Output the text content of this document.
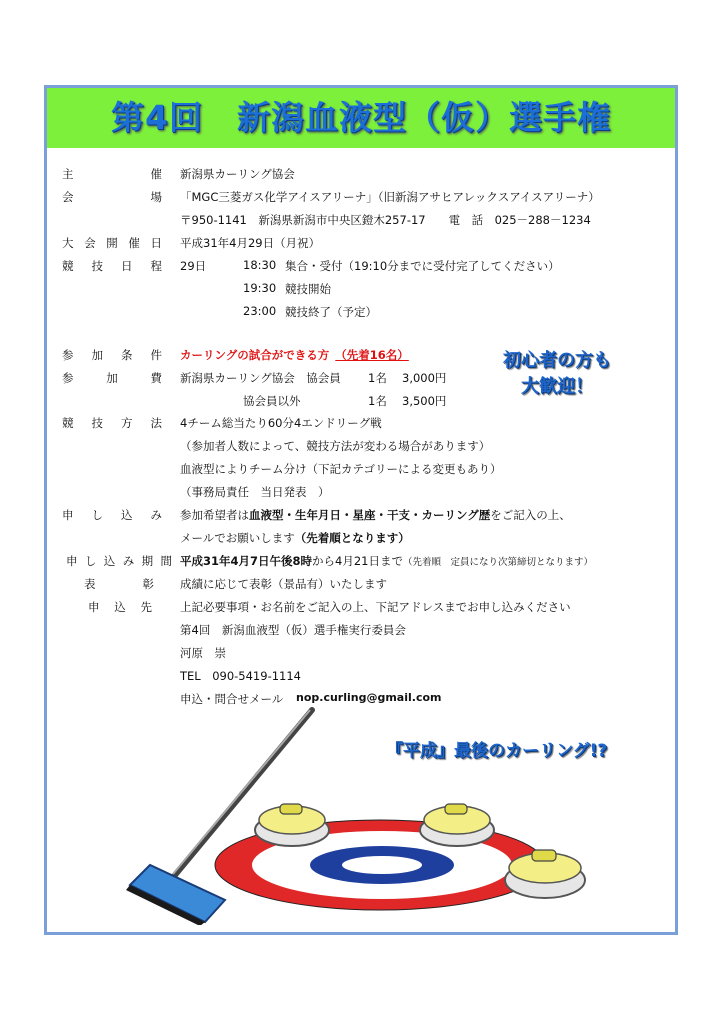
第4回　新潟血液型（仮）選手権
主催 新潟県カーリング協会
会場 「MGC三菱ガス化学アイスアリーナ」（旧新潟アサヒアレックスアイスアリーナ）
〒950-1141　新潟県新潟市中央区鐙木257-17　　電　話　025－288－1234
大会開催日 平成31年4月29日（月祝）
競技日程 29日	18:30 集合・受付（19:10分までに受付完了してください）
19:30 競技開始
23:00 競技終了（予定）
参加条件 カーリングの試合ができる方 （先着16名）
参加費 新潟県カーリング協会　協会員 1名 3,000円
協会員以外	1名 3,500円
初心者の方も
大歓迎！
競技方法 4チーム総当たり60分4エンドリーグ戦
（参加者人数によって、競技方法が変わる場合があります）
血液型によりチーム分け（下記カテゴリーによる変更もあり）
（事務局責任　当日発表　）
申し込み 参加希望者は血液型・生年月日・星座・干支・カーリング歴をご記入の上、
メールでお願いします（先着順となります）
申し込み期間 平成31年4月7日午後8時から4月21日まで（先着順　定員になり次第締切となります）
表彰 成績に応じて表彰（景品有）いたします
申込先 上記必要事項・お名前をご記入の上、下記アドレスまでお申し込みください
第4回　新潟血液型（仮）選手権実行委員会
河原　崇
TEL　090-5419-1114
申込・問合せメール nop.curling@gmail.com
『平成』最後のカーリング!?
